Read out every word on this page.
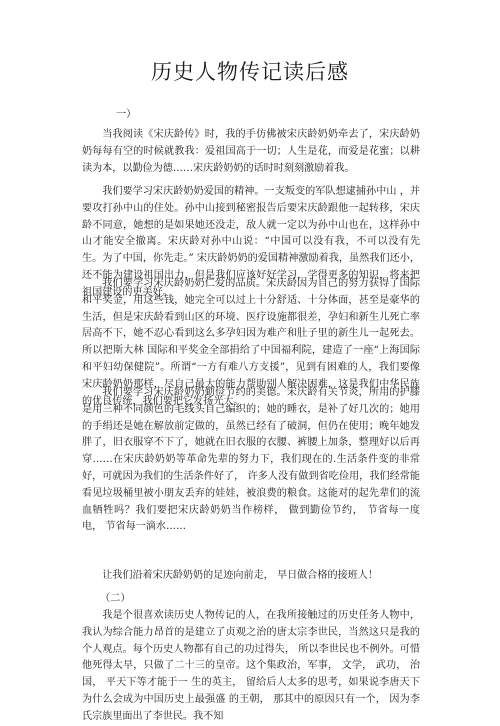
历史人物传记读后感
一）

当我阅读《宋庆龄传》时，我的手仿佛被宋庆龄奶奶牵去了，宋庆龄奶奶每每有空的时候就教我：爱祖国高于一切；人生是花，而爱是花蜜；以耕读为本，以勤俭为德……宋庆龄奶奶的话时时刻刻激励着我。

我们要学习宋庆龄奶奶爱国的精神。一支叛变的军队想逮捕孙中山 ，并要攻打孙中山的住处。孙中山接到秘密报告后要宋庆龄跟他一起转移，宋庆龄不同意，她想的是如果她还没走，敌人就一定以为孙中山也在，这样孙中山才能安全撤离。宋庆龄对孙中山说：“中国可以没有我，不可以没有先生。为了中国，你先走。” 宋庆龄奶奶的爱国精神激励着我，虽然我们还小，还不能为建设祖国出力，但是我们应该好好学习，学得更多的知识，将来把祖国建设的更美好。

我们要学习宋庆龄奶奶仁爱的品质。宋庆龄因为自己的努力获得了国际和平奖金，用这些钱，她完全可以过上十分舒适、十分体面，甚至是豪华的生活，但是宋庆龄看到山区的环境、医疗设施都很差，孕妇和新生儿死亡率居高不下，她不忍心看到这么多孕妇因为难产和肚子里的新生儿一起死去。所以把斯大林 国际和平奖金全部捐给了中国福利院，建造了一座“上海国际和平妇幼保健院”。所谓“一方有难八方支援”，见到有困难的人，我们要像宋庆龄奶奶那样，尽自己最大的能力帮助别人解决困难，这是我们中华民族的优良传统，我们要把它发扬光大。

我们要学习宋庆龄奶奶勤俭节约的美德。宋庆龄有关节炎，所用的护膝是用三种不同颜色的毛线头自己编织的；她的睡衣，是补了好几次的；她用的手绢还是她在解放前定做的，虽然已经有了破洞，但仍在使用；晚年她发胖了，旧衣服穿不下了，她就在旧衣服的衣腰、裤腰上加条，整理好以后再穿……在宋庆龄奶奶等革命先辈的努力下，我们现在的.生活条件变的非常好，可就因为我们的生活条件好了， 许多人没有做到省吃俭用，我们经常能看见垃圾桶里被小朋友丢弃的娃娃，被浪费的粮食。这能对的起先辈们的流血牺牲吗？我们要把宋庆龄奶奶当作榜样， 做到勤俭节约， 节省每一度电， 节省每一滴水……

让我们沿着宋庆龄奶奶的足迹向前走， 早日做合格的接班人！

（二）

我是个很喜欢读历史人物传记的人，在我所接触过的历史任务人物中，我认为综合能力昂首的是建立了贞观之治的唐太宗李世民，当然这只是我的个人观点。每个历史人物都有自己的功过得失， 所以李世民也不例外。可惜他死得太早，只做了二十三的皇帝。这个集政治，军事， 文学， 武功， 治国， 平天下等才能于一 生的英主， 留给后人太多的思考，如果说李唐天下为什么会成为中国历史上最强盛 的王朝， 那其中的原因只有一个， 因为李氏宗族里面出了李世民。我不知
